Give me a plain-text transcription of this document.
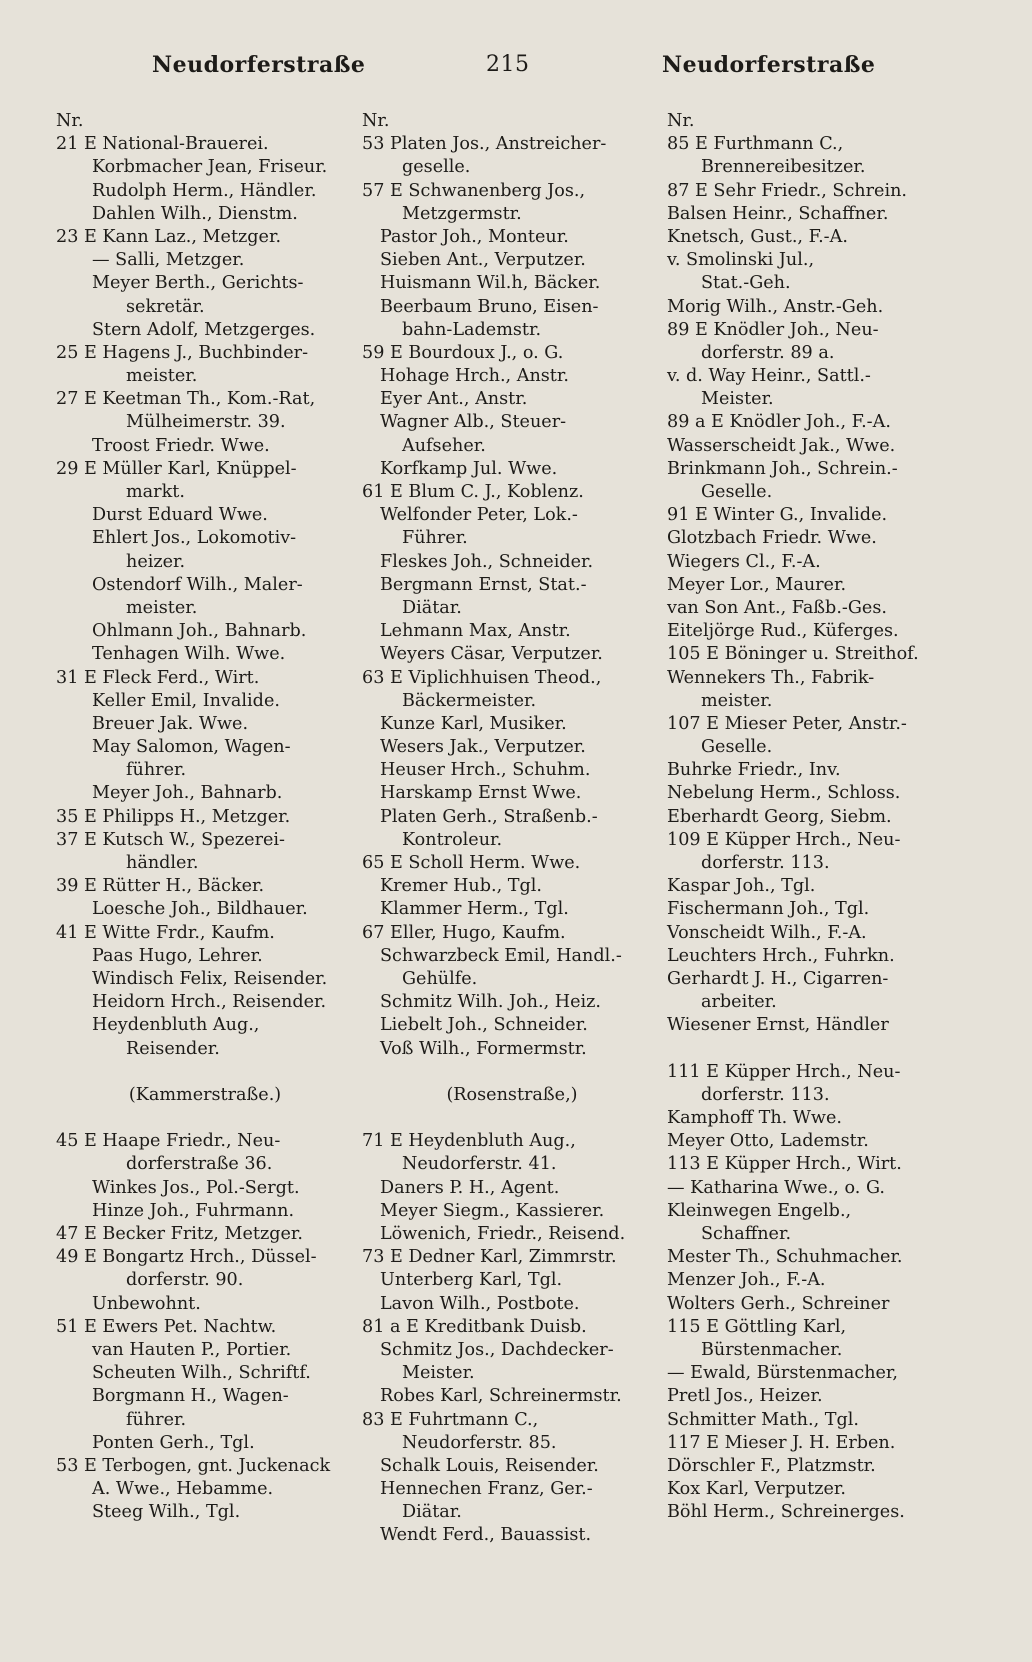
Neudorferstraße	215	Neudorferstraße
Nr.
21 E National-Brauerei.
Korbmacher Jean, Friseur.
Rudolph Herm., Händler.
Dahlen Wilh., Dienstm.
23 E Kann Laz., Metzger.
— Salli, Metzger.
Meyer Berth., Gerichts-
sekretär.
Stern Adolf, Metzgerges.
25 E Hagens J., Buchbinder-
meister.
27 E Keetman Th., Kom.-Rat,
Mülheimerstr. 39.
Troost Friedr. Wwe.
29 E Müller Karl, Knüppel-
markt.
Durst Eduard Wwe.
Ehlert Jos., Lokomotiv-
heizer.
Ostendorf Wilh., Maler-
meister.
Ohlmann Joh., Bahnarb.
Tenhagen Wilh. Wwe.
31 E Fleck Ferd., Wirt.
Keller Emil, Invalide.
Breuer Jak. Wwe.
May Salomon, Wagen-
führer.
Meyer Joh., Bahnarb.
35 E Philipps H., Metzger.
37 E Kutsch W., Spezerei-
händler.
39 E Rütter H., Bäcker.
Loesche Joh., Bildhauer.
41 E Witte Frdr., Kaufm.
Paas Hugo, Lehrer.
Windisch Felix, Reisender.
Heidorn Hrch., Reisender.
Heydenbluth Aug.,
Reisender.
(Kammerstraße.)
45 E Haape Friedr., Neu-
dorferstraße 36.
Winkes Jos., Pol.-Sergt.
Hinze Joh., Fuhrmann.
47 E Becker Fritz, Metzger.
49 E Bongartz Hrch., Düssel-
dorferstr. 90.
Unbewohnt.
51 E Ewers Pet. Nachtw.
van Hauten P., Portier.
Scheuten Wilh., Schriftf.
Borgmann H., Wagen-
führer.
Ponten Gerh., Tgl.
53 E Terbogen, gnt. Juckenack
A. Wwe., Hebamme.
Steeg Wilh., Tgl.
Nr.
53 Platen Jos., Anstreicher-
geselle.
57 E Schwanenberg Jos.,
Metzgermstr.
Pastor Joh., Monteur.
Sieben Ant., Verputzer.
Huismann Wil.h, Bäcker.
Beerbaum Bruno, Eisen-
bahn-Lademstr.
59 E Bourdoux J., o. G.
Hohage Hrch., Anstr.
Eyer Ant., Anstr.
Wagner Alb., Steuer-
Aufseher.
Korfkamp Jul. Wwe.
61 E Blum C. J., Koblenz.
Welfonder Peter, Lok.-
Führer.
Fleskes Joh., Schneider.
Bergmann Ernst, Stat.-
Diätar.
Lehmann Max, Anstr.
Weyers Cäsar, Verputzer.
63 E Viplichhuisen Theod.,
Bäckermeister.
Kunze Karl, Musiker.
Wesers Jak., Verputzer.
Heuser Hrch., Schuhm.
Harskamp Ernst Wwe.
Platen Gerh., Straßenb.-
Kontroleur.
65 E Scholl Herm. Wwe.
Kremer Hub., Tgl.
Klammer Herm., Tgl.
67 Eller, Hugo, Kaufm.
Schwarzbeck Emil, Handl.-
Gehülfe.
Schmitz Wilh. Joh., Heiz.
Liebelt Joh., Schneider.
Voß Wilh., Formermstr.
(Rosenstraße,)
71 E Heydenbluth Aug.,
Neudorferstr. 41.
Daners P. H., Agent.
Meyer Siegm., Kassierer.
Löwenich, Friedr., Reisend.
73 E Dedner Karl, Zimmrstr.
Unterberg Karl, Tgl.
Lavon Wilh., Postbote.
81 a E Kreditbank Duisb.
Schmitz Jos., Dachdecker-
Meister.
Robes Karl, Schreinermstr.
83 E Fuhrtmann C.,
Neudorferstr. 85.
Schalk Louis, Reisender.
Hennechen Franz, Ger.-
Diätar.
Wendt Ferd., Bauassist.
Nr.
85 E Furthmann C.,
Brennereibesitzer.
87 E Sehr Friedr., Schrein.
Balsen Heinr., Schaffner.
Knetsch, Gust., F.-A.
v. Smolinski Jul.,
Stat.-Geh.
Morig Wilh., Anstr.-Geh.
89 E Knödler Joh., Neu-
dorferstr. 89 a.
v. d. Way Heinr., Sattl.-
Meister.
89 a E Knödler Joh., F.-A.
Wasserscheidt Jak., Wwe.
Brinkmann Joh., Schrein.-
Geselle.
91 E Winter G., Invalide.
Glotzbach Friedr. Wwe.
Wiegers Cl., F.-A.
Meyer Lor., Maurer.
van Son Ant., Faßb.-Ges.
Eiteljörge Rud., Küferges.
105 E Böninger u. Streithof.
Wennekers Th., Fabrik-
meister.
107 E Mieser Peter, Anstr.-
Geselle.
Buhrke Friedr., Inv.
Nebelung Herm., Schloss.
Eberhardt Georg, Siebm.
109 E Küpper Hrch., Neu-
dorferstr. 113.
Kaspar Joh., Tgl.
Fischermann Joh., Tgl.
Vonscheidt Wilh., F.-A.
Leuchters Hrch., Fuhrkn.
Gerhardt J. H., Cigarren-
arbeiter.
Wiesener Ernst, Händler
111 E Küpper Hrch., Neu-
dorferstr. 113.
Kamphoff Th. Wwe.
Meyer Otto, Lademstr.
113 E Küpper Hrch., Wirt.
— Katharina Wwe., o. G.
Kleinwegen Engelb.,
Schaffner.
Mester Th., Schuhmacher.
Menzer Joh., F.-A.
Wolters Gerh., Schreiner
115 E Göttling Karl,
Bürstenmacher.
— Ewald, Bürstenmacher,
Pretl Jos., Heizer.
Schmitter Math., Tgl.
117 E Mieser J. H. Erben.
Dörschler F., Platzmstr.
Kox Karl, Verputzer.
Böhl Herm., Schreinerges.
